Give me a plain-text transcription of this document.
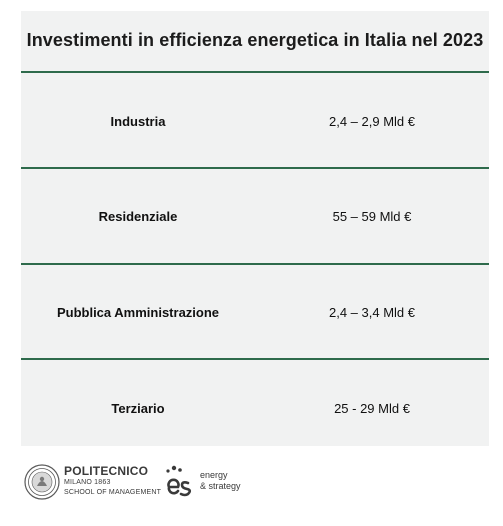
Investimenti in efficienza energetica in Italia nel 2023
Industria	2,4 – 2,9 Mld €
Residenziale	55 – 59 Mld €
Pubblica Amministrazione	2,4 – 3,4 Mld €
Terziario	25 - 29 Mld €
POLITECNICO
MILANO 1863
SCHOOL OF MANAGEMENT
energy
& strategy
